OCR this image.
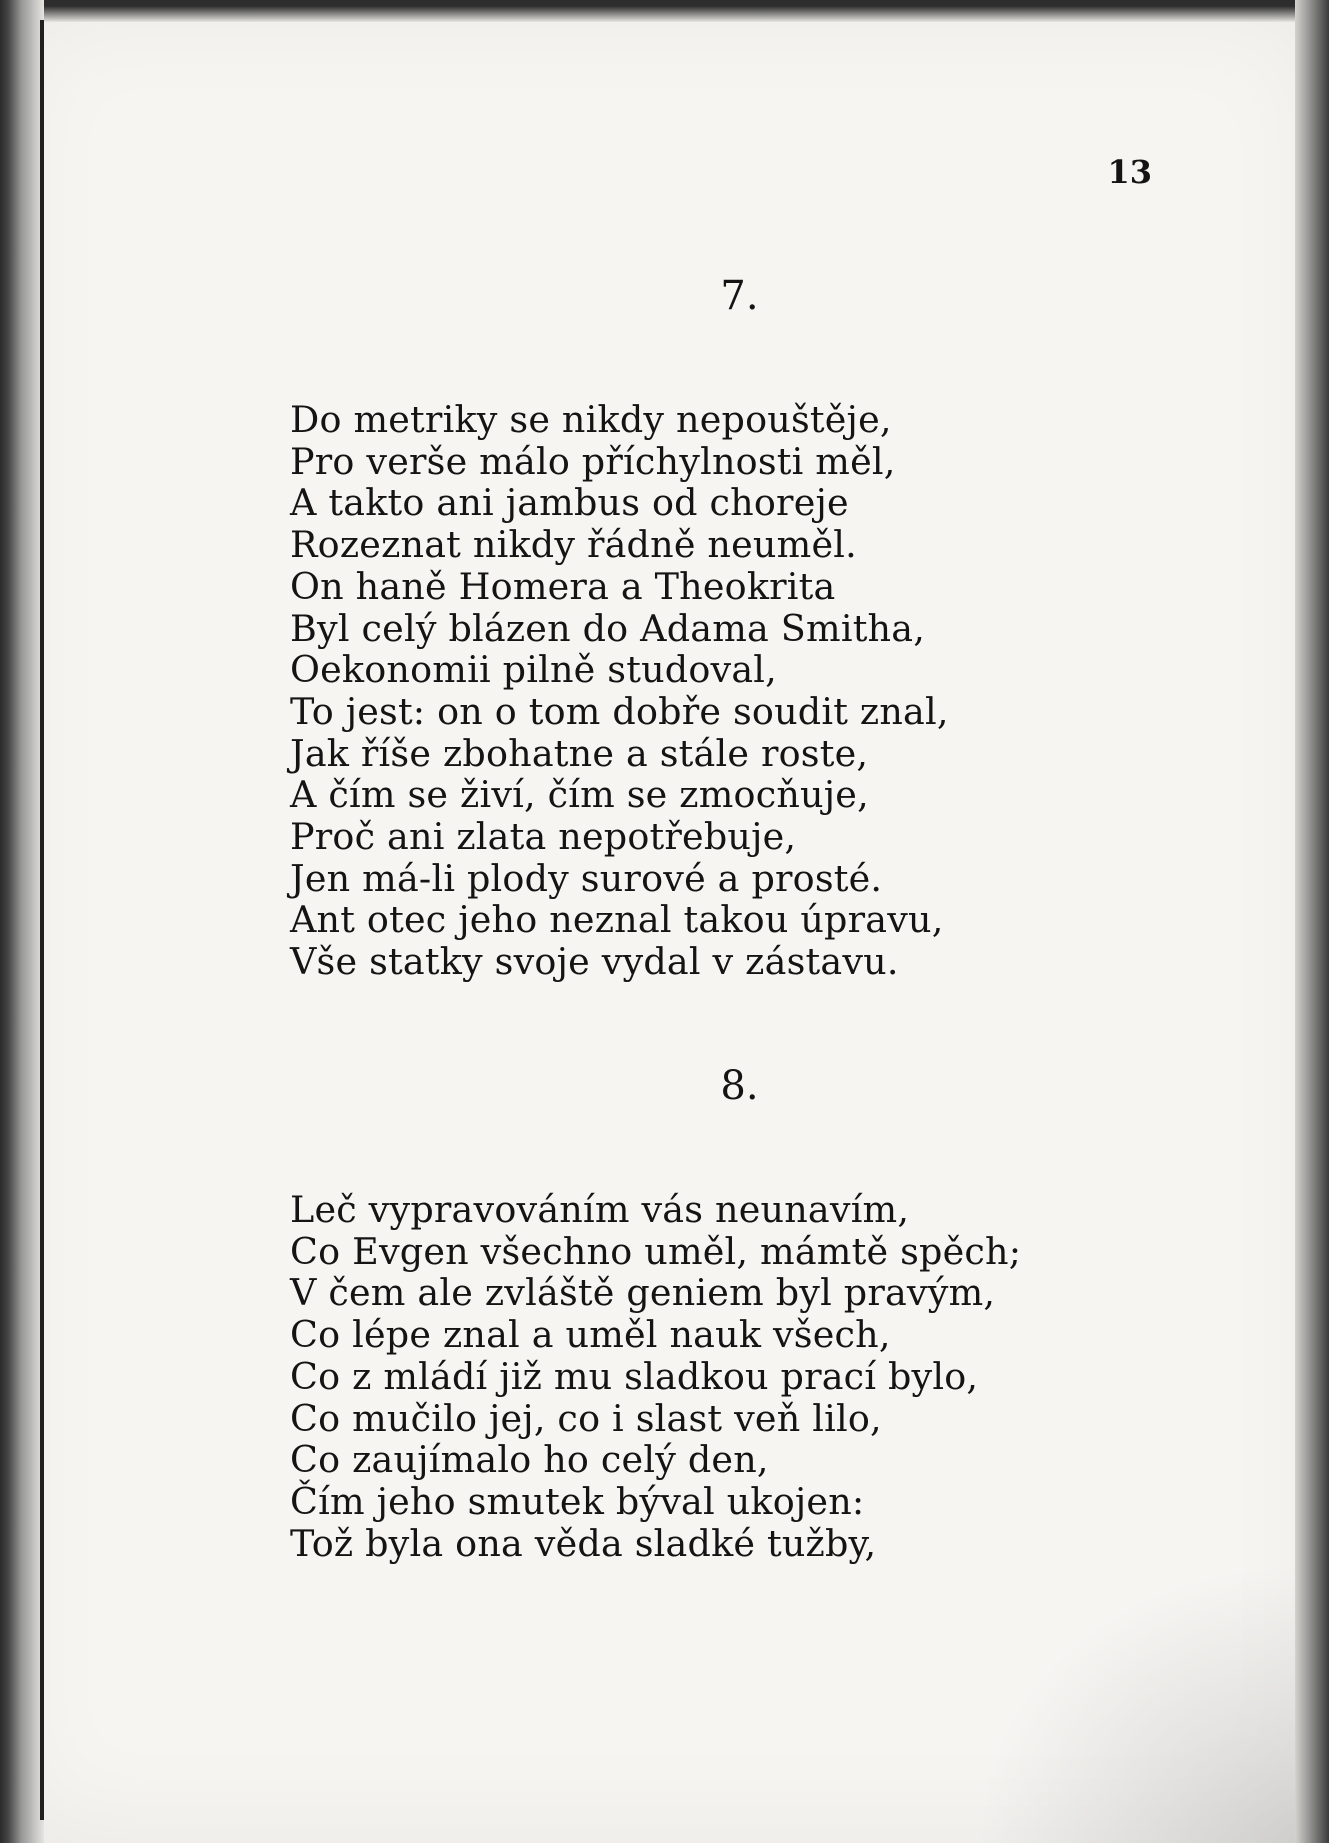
13
7.
Do metriky se nikdy nepouštěje,
Pro verše málo příchylnosti měl,
A takto ani jambus od choreje
Rozeznat nikdy řádně neuměl.
On haně Homera a Theokrita
Byl celý blázen do Adama Smitha,
Oekonomii pilně studoval,
To jest: on o tom dobře soudit znal,
Jak říše zbohatne a stále roste,
A čím se živí, čím se zmocňuje,
Proč ani zlata nepotřebuje,
Jen má-li plody surové a prosté.
Ant otec jeho neznal takou úpravu,
Vše statky svoje vydal v zástavu.
8.
Leč vypravováním vás neunavím,
Co Evgen všechno uměl, mámtě spěch;
V čem ale zvláště geniem byl pravým,
Co lépe znal a uměl nauk všech,
Co z mládí již mu sladkou prací bylo,
Co mučilo jej, co i slast veň lilo,
Co zaujímalo ho celý den,
Čím jeho smutek býval ukojen:
Tož byla ona věda sladké tužby,
